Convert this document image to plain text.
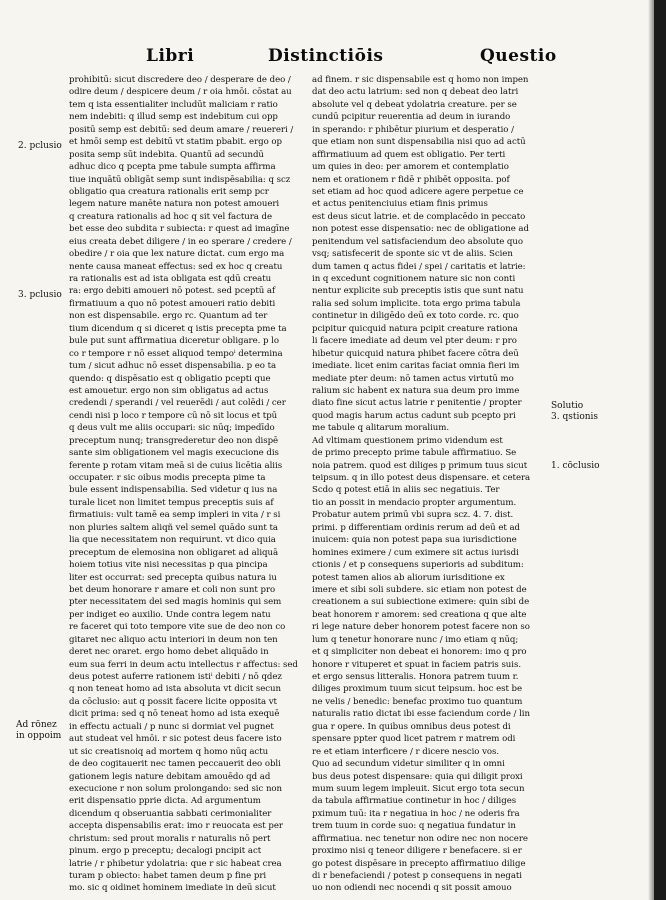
Libri	Distinctiōis	Questio
2. pclusio
3. pclusio
Ad rōnez
in oppoim
Solutio
3. qstionis
1. cōclusio
prohibitū: sicut discredere deo / desperare de deo /
odire deum / despicere deum / r oia hmōi. cōstat au
tem q ista essentialiter includūt maliciam r ratio
nem indebiti: q illud semp est indebitum cui opp
positū semp est debitū: sed deum amare / reuereri /
et hmōi semp est debitū vt statim pbabit. ergo op
posita semp sūt indebita. Quantū ad secundū
adhuc dico q pcepta pme tabule sumpta affirma
tiue inquātū obligāt semp sunt indispēsabilia: q scz
obligatio qua creatura rationalis erit semp pcr
legem nature manēte natura non potest amoueri
q creatura rationalis ad hoc q sit vel factura de
bet esse deo subdita r subiecta: r quest ad imagīne
eius creata debet diligere / in eo sperare / credere /
obedire / r oia que lex nature dictat. cum ergo ma
nente causa maneat effectus: sed ex hoc q creatu
ra rationalis est ad ista obligata est qdū creatu
ra: ergo debiti amoueri nō potest. sed pceptū af
firmatiuum a quo nō potest amoueri ratio debiti
non est dispensabile. ergo rc. Quantum ad ter
tium dicendum q si diceret q istis precepta pme ta
bule put sunt affirmatiua diceretur obligare. p lo
co r tempore r nō esset aliquod tempoⁱ determina
tum / sicut adhuc nō esset dispensabilia. p eo ta
quendo: q dispēsatio est q obligatio pcepti que
est amouetur. ergo non sim obligatus ad actus
credendi / sperandi / vel reuerēdi / aut colēdi / cer
cendi nisi p loco r tempore cū nō sit locus et tpū
q deus vult me aliis occupari: sic nūq; impedīdo
preceptum nunq; transgrederetur deo non dispē
sante sim obligationem vel magis execucione dis
ferente p rotam vitam meā si de cuius licētia aliis
occupater. r sic oibus modis precepta pime ta
bule essent indispensabilia. Sed videtur q ius na
turale licet non limitet tempus preceptis suis af
firmatiuis: vult tamē ea semp impleri in vita / r si
non pluries saltem aliqñ vel semel quādo sunt ta
lia que necessitatem non requirunt. vt dico quia
preceptum de elemosina non obligaret ad aliquā
hoiem totius vite nisi necessitas p qua pincipa
liter est occurrat: sed precepta quibus natura iu
bet deum honorare r amare et coli non sunt pro
pter necessitatem dei sed magis hominis qui sem
per indiget eo auxilio. Unde contra legem natu
re faceret qui toto tempore vite sue de deo non co
gitaret nec aliquo actu interiori in deum non ten
deret nec oraret. ergo homo debet aliquādo in
eum sua ferri in deum actu intellectus r affectus: sed
deus potest auferre rationem istiⁱ debiti / nō qdez
q non teneat homo ad ista absoluta vt dicit secun
da cōclusio: aut q possit facere licite opposita vt
dicit prima: sed q nō teneat homo ad ista exequē
in effectu actuali / p nunc si dormiat vel pugnet
aut studeat vel hmōi. r sic potest deus facere isto
ut sic creatisnoiq ad mortem q homo nūq actu
de deo cogitauerit nec tamen peccauerit deo obli
gationem legis nature debitam amouēdo qd ad
execucione r non solum prolongando: sed sic non
erit dispensatio pprie dicta. Ad argumentum
dicendum q obseruantia sabbati cerimonialiter
accepta dispensabilis erat: imo r reuocata est per
christum: sed prout moralis r naturalis nō pert
pinum. ergo p preceptu; decalogi pncipit act
latrie / r phibetur ydolatria: que r sic habeat crea
turam p obiecto: habet tamen deum p fine pri
mo. sic q oidinet hominem imediate in deū sicut
ad finem. r sic dispensabile est q homo non impen
dat deo actu latrium: sed non q debeat deo latri
absolute vel q debeat ydolatria creature. per se
cundū pcipitur reuerentia ad deum in iurando
in sperando: r phibētur piurium et desperatio /
que etiam non sunt dispensabilia nisi quo ad actū
affirmatiuum ad quem est obligatio. Per terti
um quies in deo: per amorem et contemplatio
nem et orationem r fidē r phibēt opposita. pof
set etiam ad hoc quod adicere agere perpetue ce
et actus penitenciuius etiam finis primus
est deus sicut latrie. et de complacēdo in peccato
non potest esse dispensatio: nec de obligatione ad
penitendum vel satisfaciendum deo absolute quo
vsq; satisfecerit de sponte sic vt de aliis. Scien
dum tamen q actus fidei / spei / caritatis et latrie:
in q excedunt cognitionem nature sic non conti
nentur explicite sub preceptis istis que sunt natu
ralia sed solum implicite. tota ergo prima tabula
continetur in diligēdo deū ex toto corde. rc. quo
pcipitur quicquid natura pcipit creature rationa
li facere imediate ad deum vel pter deum: r pro
hibetur quicquid natura phibet facere cōtra deū
imediate. licet enim caritas faciat omnia fieri im
mediate pter deum: nō tamen actus virtutū mo
ralium sic habent ex natura sua deum pro imme
diato fine sicut actus latrie r penitentie / propter
quod magis harum actus cadunt sub pcepto pri
me tabule q alitarum moralium.
Ad vltimam questionem primo videndum est
de primo precepto prime tabule affirmatiuo. Se
noia patrem. quod est diliges p primum tuus sicut
teipsum. q in illo potest deus dispensare. et cetera
Scdo q potest etiā in aliis sec negatiuis. Ter
tio an possit in mendacio propter argumentum.
Probatur autem primū vbi supra scz. 4. 7. dist.
primi. p differentiam ordinis rerum ad deū et ad
inuicem: quia non potest papa sua iurisdictione
homines eximere / cum eximere sit actus iurisdi
ctionis / et p consequens superioris ad subditum:
potest tamen alios ab aliorum iurisditione ex
imere et sibi soli subdere. sic etiam non potest de
creationem a sui subiectione eximere: quin sibi de
beat honorem r amorem: sed creationa q que alte
ri lege nature deber honorem potest facere non so
lum q tenetur honorare nunc / imo etiam q nūq;
et q simpliciter non debeat ei honorem: imo q pro
honore r vituperet et spuat in faciem patris suis.
et ergo sensus litteralis. Honora patrem tuum r.
diliges proximum tuum sicut teipsum. hoc est be
ne velis / benedic: benefac proximo tuo quantum
naturalis ratio dictat ibi esse faciendum corde / lin
gua r opere. In quibus omnibus deus potest di
spensare ppter quod licet patrem r matrem odi
re et etiam interficere / r dicere nescio vos.
Quo ad secundum videtur similiter q in omni
bus deus potest dispensare: quia qui diligit proxi
mum suum legem impleuit. Sicut ergo tota secun
da tabula affirmatiue continetur in hoc / diliges
pximum tuū: ita r negatiua in hoc / ne oderis fra
trem tuum in corde suo: q negatiua fundatur in
affirmatiua. nec tenetur non odire nec non nocere
proximo nisi q teneor diligere r benefacere. si er
go potest dispēsare in precepto affirmatiuo dilige
di r benefaciendi / potest p consequens in negati
uo non odiendi nec nocendi q sit possit amouo
